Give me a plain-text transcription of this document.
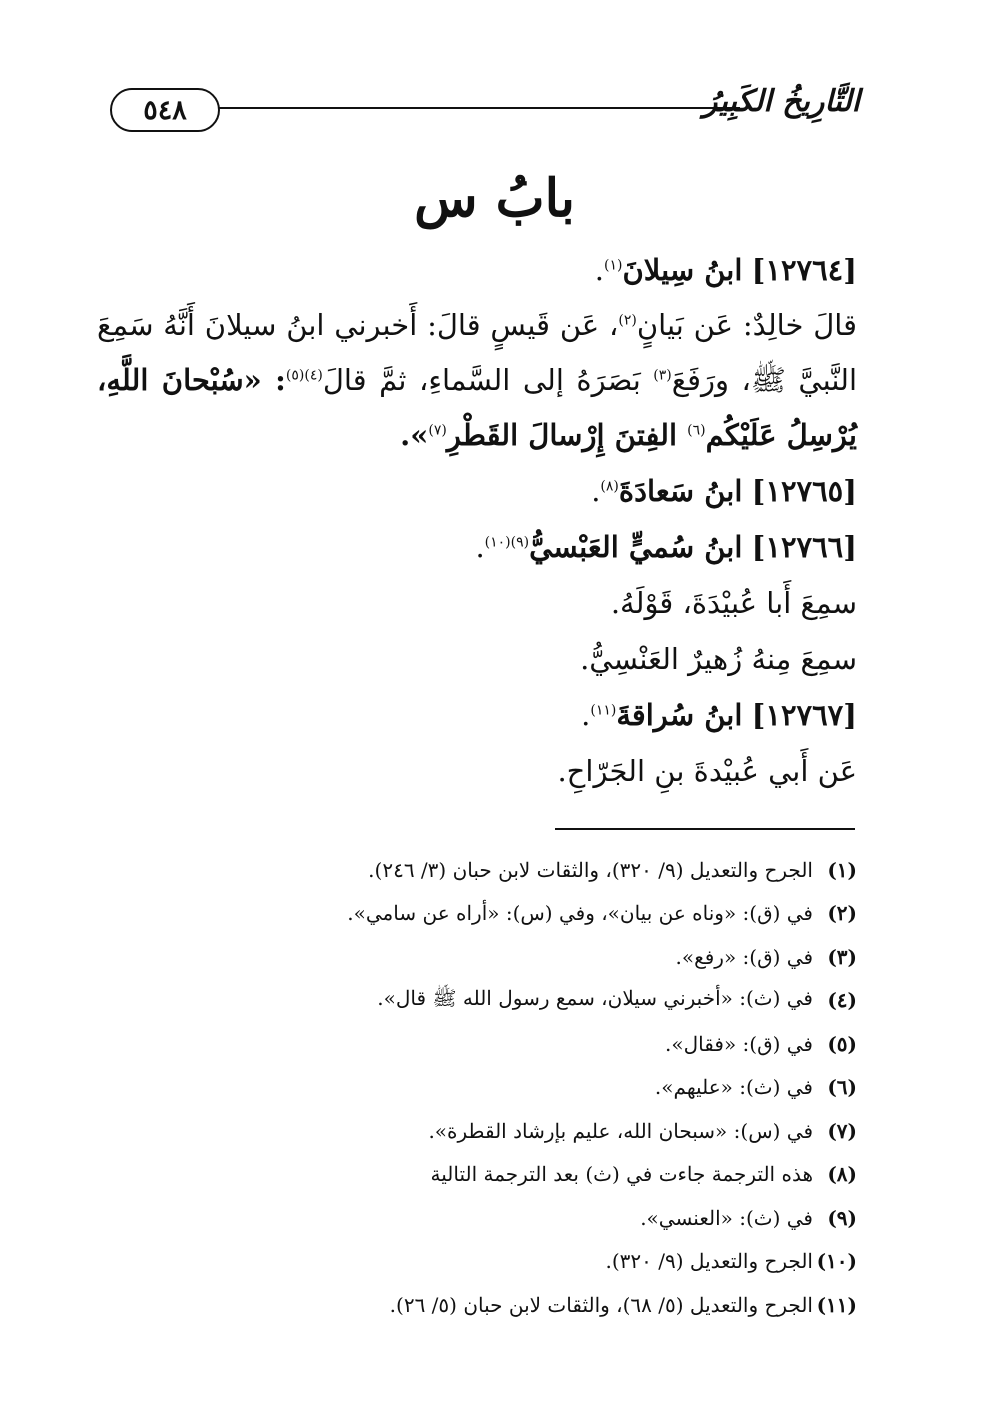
٥٤٨	التَّارِيخُ الكَبِيرُ
بابُ س
[١٢٧٦٤] ابنُ سِيلانَ$^{(١)}$.

قالَ خالِدٌ: عَن بَيانٍ$^{(٢)}$، عَن قَيسٍ قالَ: أَخبرني ابنُ سيلانَ أَنَّهُ سَمِعَ النَّبيَّ ﷺ، ورَفَعَ$^{(٣)}$ بَصَرَهُ إلى السَّماءِ، ثمَّ قالَ$^{(٤)(٥)}$: «سُبْحانَ اللَّهِ، يُرْسِلُ عَلَيْكُم$^{(٦)}$ الفِتنَ إِرْسالَ القَطْرِ$^{(٧)}$».

[١٢٧٦٥] ابنُ سَعادَةَ$^{(٨)}$.
[١٢٧٦٦] ابنُ سُميٍّ العَبْسيُّ$^{(٩)(١٠)}$.
سمِعَ أَبا عُبيْدَةَ، قَوْلَهُ.
سمِعَ مِنهُ زُهيرٌ العَنْسِيُّ.
[١٢٧٦٧] ابنُ سُراقةَ$^{(١١)}$.
عَن أَبي عُبيْدةَ بنِ الجَرّاحِ.
(١)
الجرح والتعديل (٩/ ٣٢٠)، والثقات لابن حبان (٣/ ٢٤٦).
(٢)
في (ق): «وناه عن بيان»، وفي (س): «أراه عن سامي».
(٣)
في (ق): «رفع».
(٤)
في (ث): «أخبرني سيلان، سمع رسول الله ﷺ قال».
(٥)
في (ق): «فقال».
(٦)
في (ث): «عليهم».
(٧)
في (س): «سبحان الله، عليم بإرشاد القطرة».
(٨)
هذه الترجمة جاءت في (ث) بعد الترجمة التالية
(٩)
في (ث): «العنسي».
(١٠)
الجرح والتعديل (٩/ ٣٢٠).
(١١)
الجرح والتعديل (٥/ ٦٨)، والثقات لابن حبان (٥/ ٢٦).
